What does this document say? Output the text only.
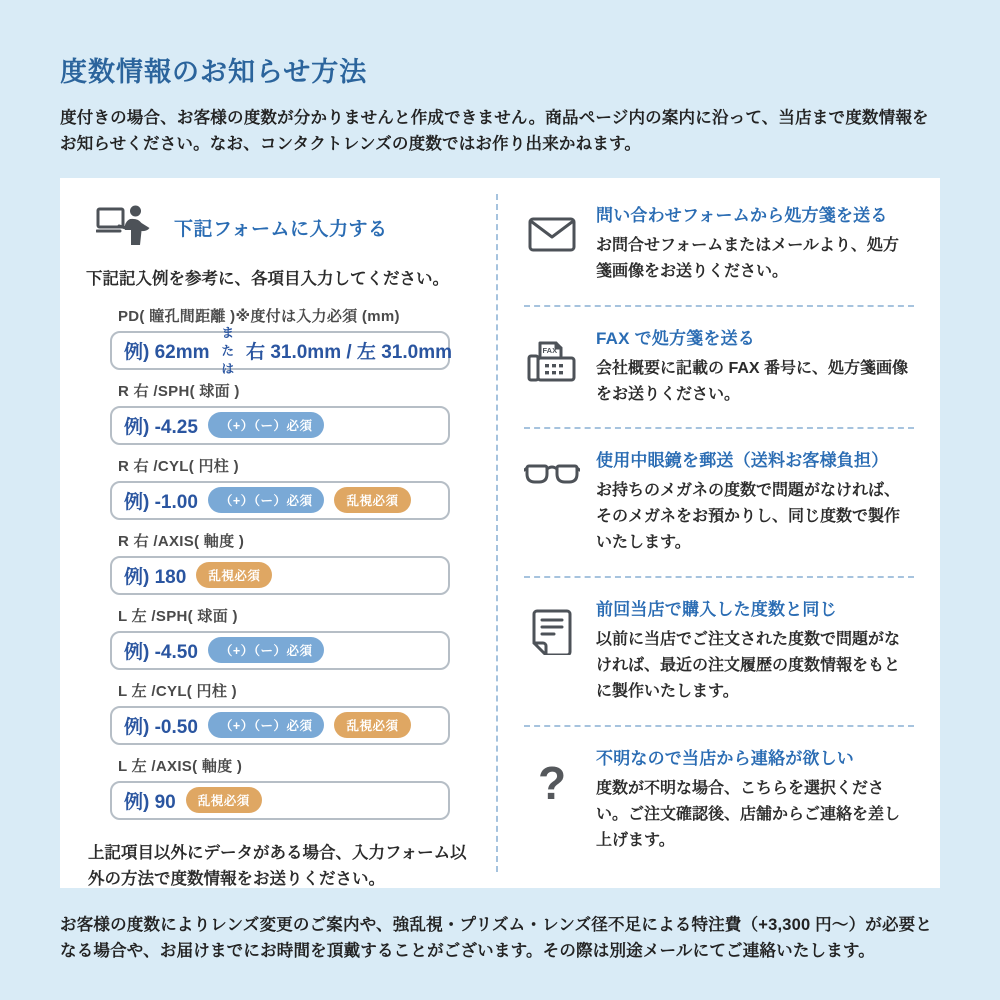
度数情報のお知らせ方法

度付きの場合、お客様の度数が分かりませんと作成できません。商品ページ内の案内に沿って、当店まで度数情報をお知らせください。なお、コンタクトレンズの度数ではお作り出来かねます。

下記フォームに入力する

下記記入例を参考に、各項目入力してください。

PD( 瞳孔間距離 )※度付は入力必須 (mm)
例) 62mm
または
右 31.0mm / 左 31.0mm
R 右 /SPH( 球面 )
例) -4.25	（+）（ー）必須
R 右 /CYL( 円柱 )
例) -1.00	（+）（ー）必須	乱視必須
R 右 /AXIS( 軸度 )
例) 180	乱視必須
L 左 /SPH( 球面 )
例) -4.50	（+）（ー）必須
L 左 /CYL( 円柱 )
例) -0.50	（+）（ー）必須	乱視必須
L 左 /AXIS( 軸度 )
例) 90	乱視必須

上記項目以外にデータがある場合、入力フォーム以外の方法で度数情報をお送りください。

問い合わせフォームから処方箋を送る
お問合せフォームまたはメールより、処方箋画像をお送りください。
FAX
FAX で処方箋を送る
会社概要に記載の FAX 番号に、処方箋画像をお送りください。
使用中眼鏡を郵送（送料お客様負担）
お持ちのメガネの度数で問題がなければ、そのメガネをお預かりし、同じ度数で製作いたします。
前回当店で購入した度数と同じ
以前に当店でご注文された度数で問題がなければ、最近の注文履歴の度数情報をもとに製作いたします。
? 不明なので当店から連絡が欲しい
度数が不明な場合、こちらを選択ください。ご注文確認後、店舗からご連絡を差し上げます。

お客様の度数によりレンズ変更のご案内や、強乱視・プリズム・レンズ径不足による特注費（+3,300 円〜）が必要となる場合や、お届けまでにお時間を頂戴することがございます。その際は別途メールにてご連絡いたします。
